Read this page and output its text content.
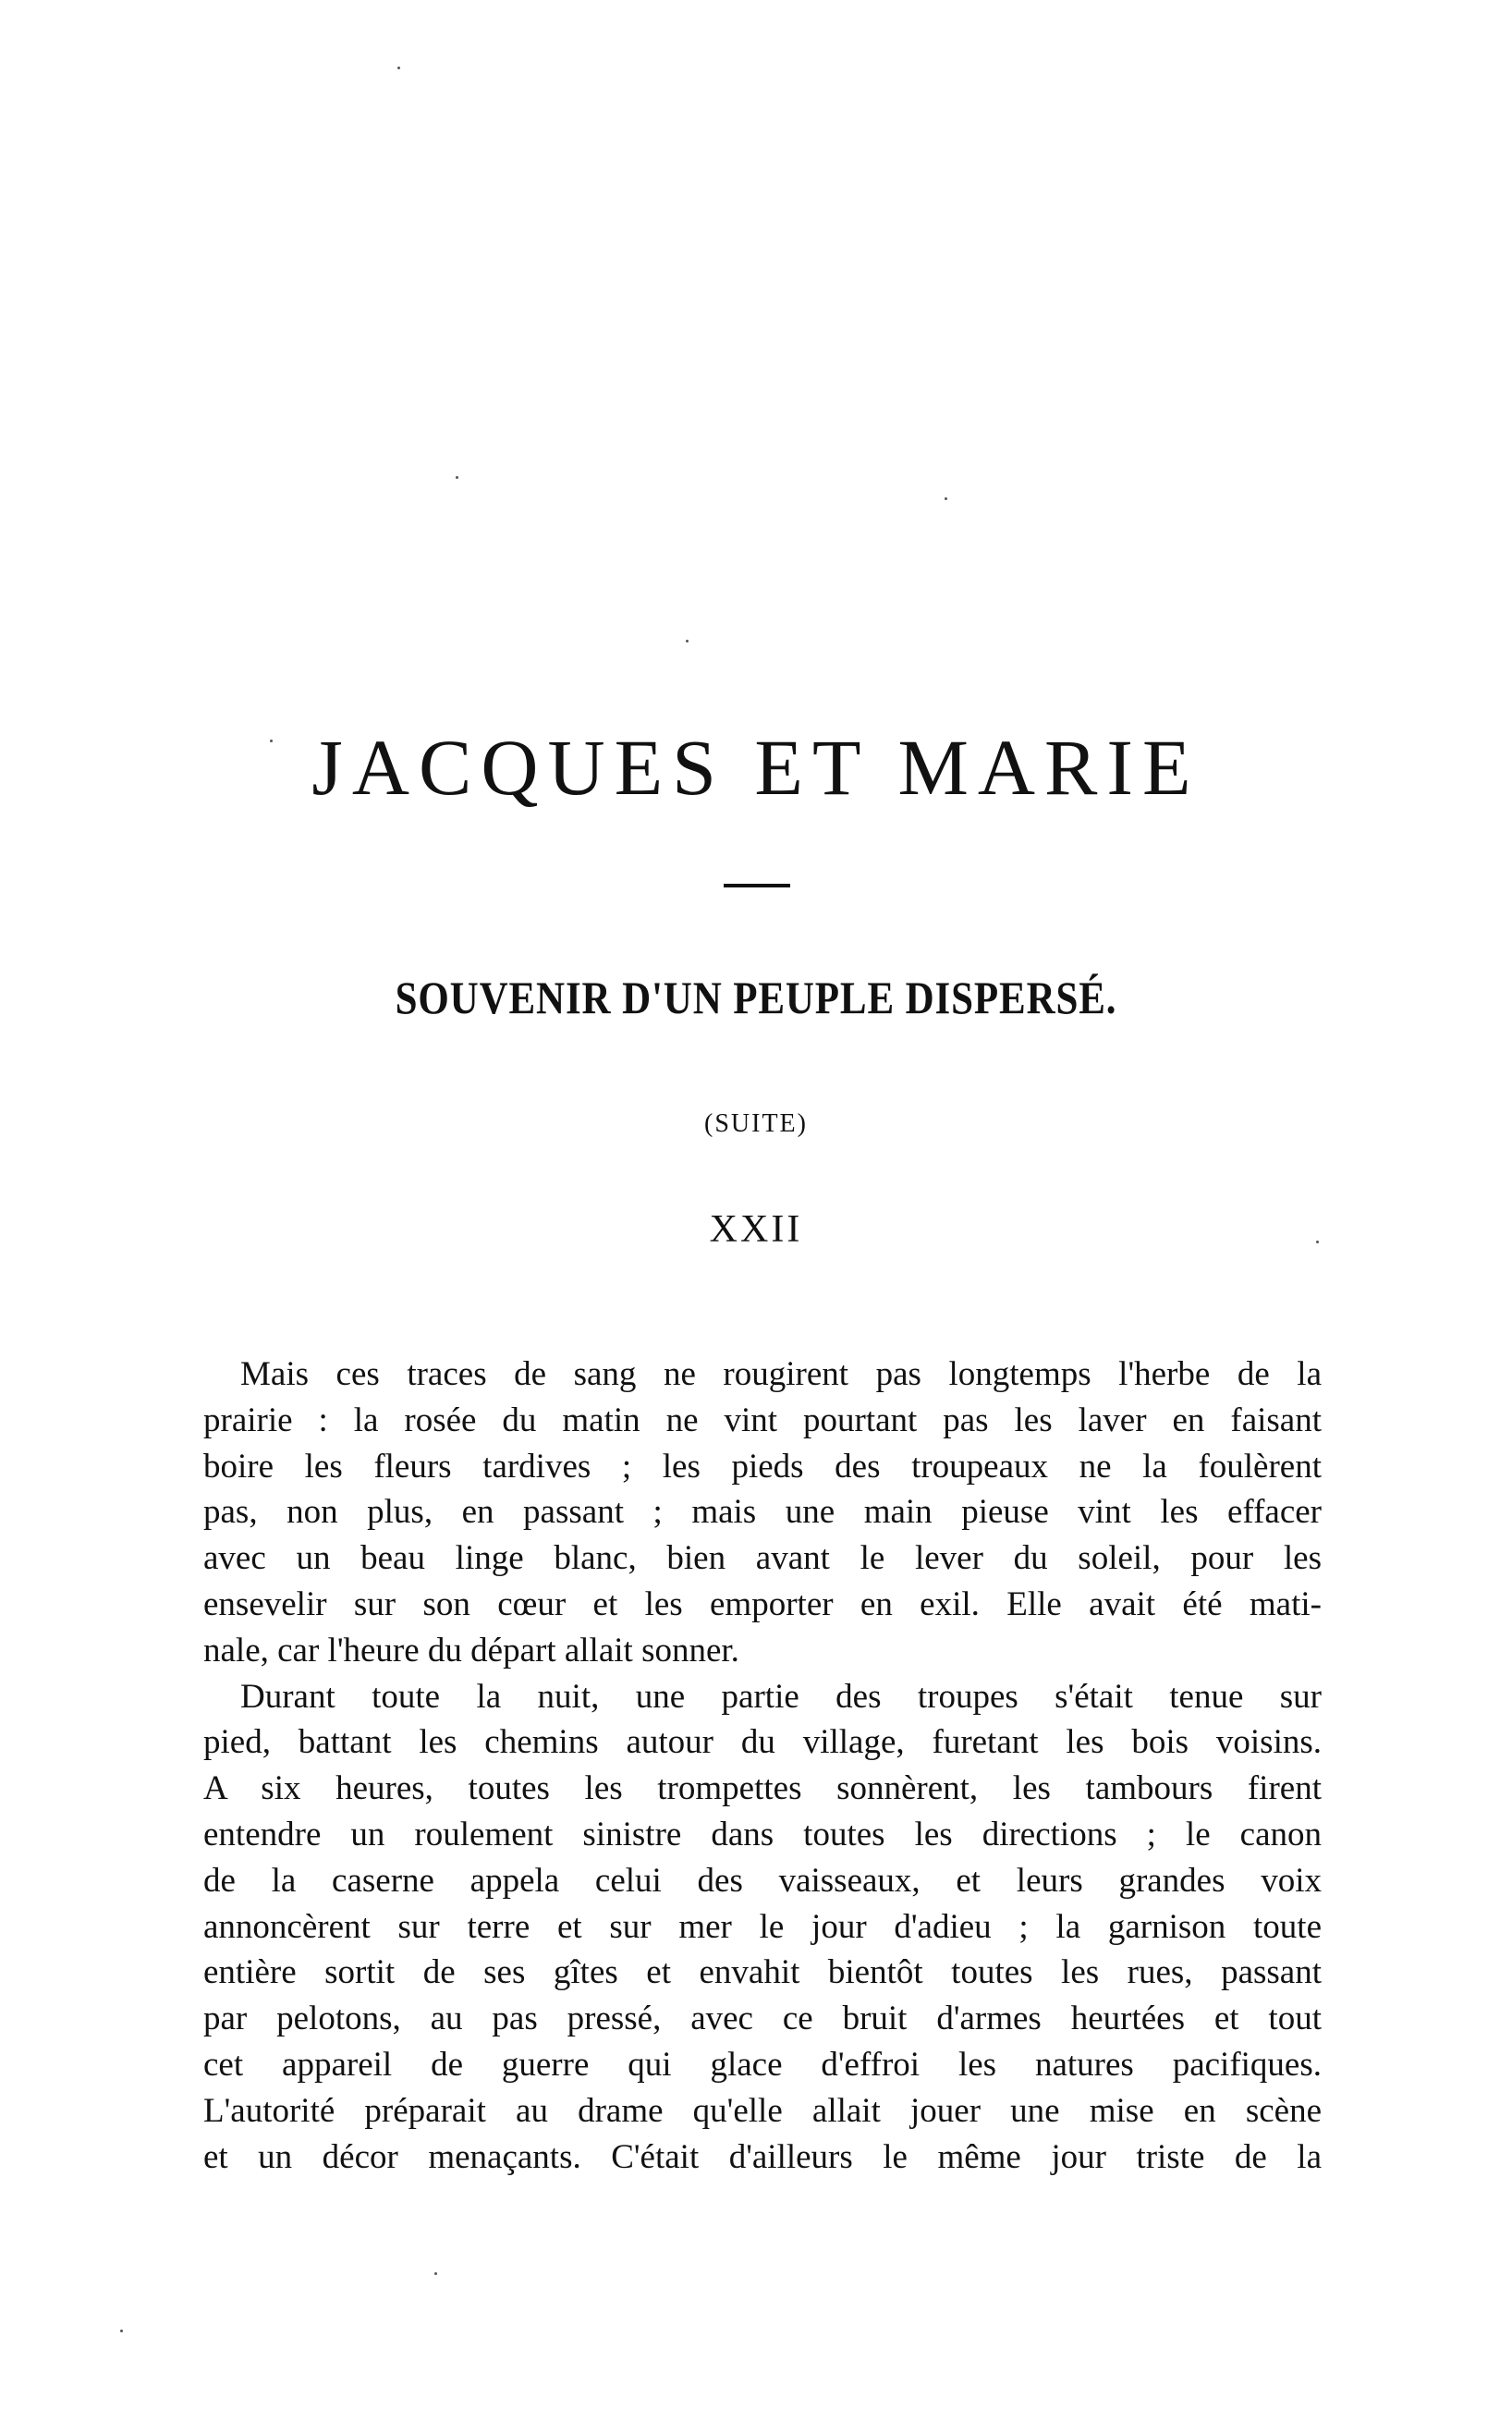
JACQUES ET MARIE
SOUVENIR D'UN PEUPLE DISPERSÉ.
(SUITE)
XXII
Mais ces traces de sang ne rougirent pas longtemps l'herbe de la
prairie : la rosée du matin ne vint pourtant pas les laver en faisant
boire les fleurs tardives ; les pieds des troupeaux ne la foulèrent
pas, non plus, en passant ; mais une main pieuse vint les effacer
avec un beau linge blanc, bien avant le lever du soleil, pour les
ensevelir sur son cœur et les emporter en exil. Elle avait été mati-
nale, car l'heure du départ allait sonner.
Durant toute la nuit, une partie des troupes s'était tenue sur
pied, battant les chemins autour du village, furetant les bois voisins.
A six heures, toutes les trompettes sonnèrent, les tambours firent
entendre un roulement sinistre dans toutes les directions ; le canon
de la caserne appela celui des vaisseaux, et leurs grandes voix
annoncèrent sur terre et sur mer le jour d'adieu ; la garnison toute
entière sortit de ses gîtes et envahit bientôt toutes les rues, passant
par pelotons, au pas pressé, avec ce bruit d'armes heurtées et tout
cet appareil de guerre qui glace d'effroi les natures pacifiques.
L'autorité préparait au drame qu'elle allait jouer une mise en scène
et un décor menaçants. C'était d'ailleurs le même jour triste de la
